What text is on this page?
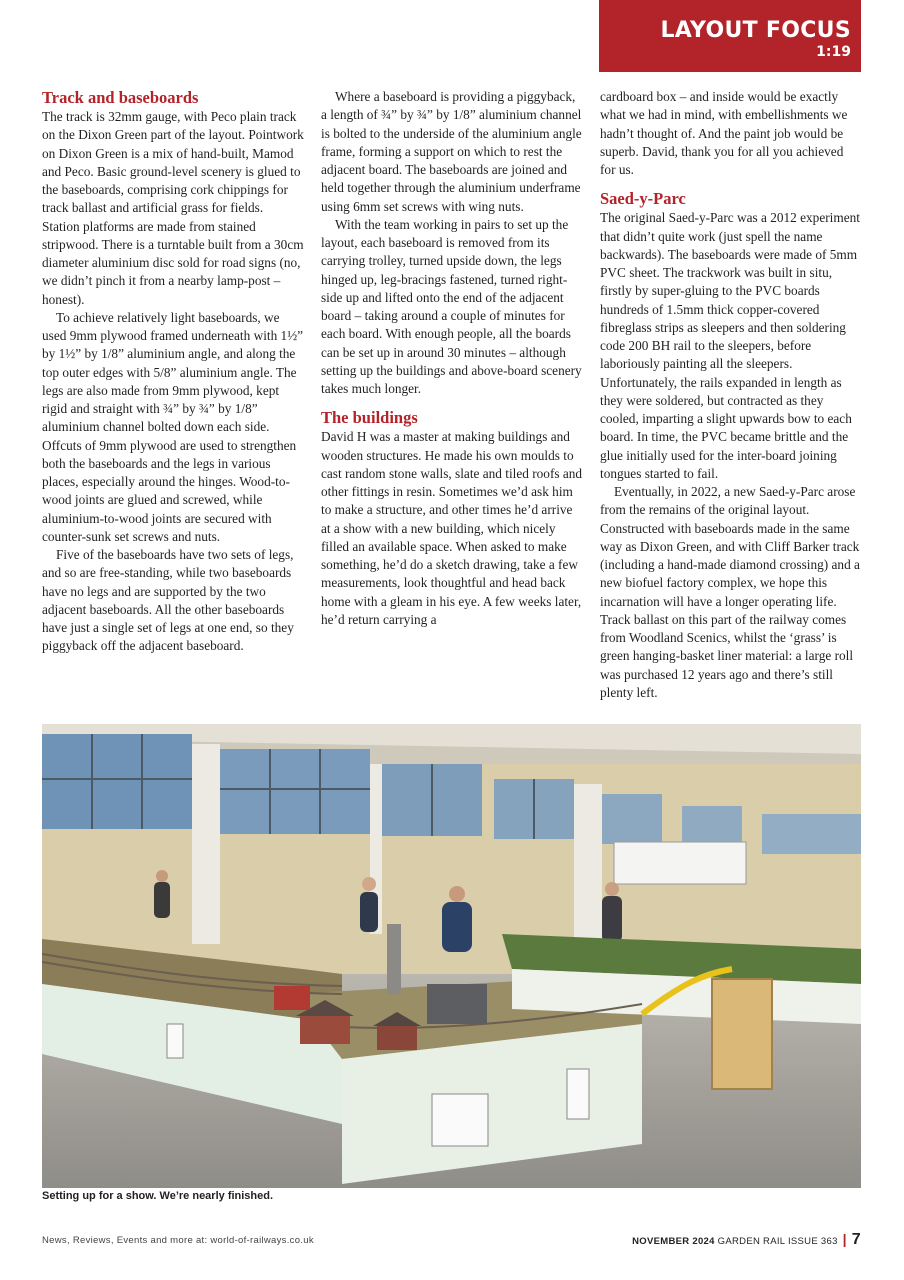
LAYOUT FOCUS
1:19
Track and baseboards

The track is 32mm gauge, with Peco plain track on the Dixon Green part of the layout. Pointwork on Dixon Green is a mix of hand-built, Mamod and Peco. Basic ground-level scenery is glued to the baseboards, comprising cork chippings for track ballast and artificial grass for fields. Station platforms are made from stained stripwood. There is a turntable built from a 30cm diameter aluminium disc sold for road signs (no, we didn’t pinch it from a nearby lamp-post – honest).

To achieve relatively light baseboards, we used 9mm plywood framed underneath with 1½” by 1½” by 1/8” aluminium angle, and along the top outer edges with 5/8” aluminium angle. The legs are also made from 9mm plywood, kept rigid and straight with ¾” by ¾” by 1/8” aluminium channel bolted down each side. Offcuts of 9mm plywood are used to strengthen both the baseboards and the legs in various places, especially around the hinges. Wood-to-wood joints are glued and screwed, while aluminium-to-wood joints are secured with counter-sunk set screws and nuts.

Five of the baseboards have two sets of legs, and so are free-standing, while two baseboards have no legs and are supported by the two adjacent baseboards. All the other baseboards have just a single set of legs at one end, so they piggyback off the adjacent baseboard.

Where a baseboard is providing a piggyback, a length of ¾” by ¾” by 1/8” aluminium channel is bolted to the underside of the aluminium angle frame, forming a support on which to rest the adjacent board. The baseboards are joined and held together through the aluminium underframe using 6mm set screws with wing nuts.

With the team working in pairs to set up the layout, each baseboard is removed from its carrying trolley, turned upside down, the legs hinged up, leg-bracings fastened, turned right-side up and lifted onto the end of the adjacent board – taking around a couple of minutes for each board. With enough people, all the boards can be set up in around 30 minutes – although setting up the buildings and above-board scenery takes much longer.

The buildings

David H was a master at making buildings and wooden structures. He made his own moulds to cast random stone walls, slate and tiled roofs and other fittings in resin. Sometimes we’d ask him to make a structure, and other times he’d arrive at a show with a new building, which nicely filled an available space. When asked to make something, he’d do a sketch drawing, take a few measurements, look thoughtful and head back home with a gleam in his eye. A few weeks later, he’d return carrying a

cardboard box – and inside would be exactly what we had in mind, with embellishments we hadn’t thought of. And the paint job would be superb. David, thank you for all you achieved for us.

Saed-y-Parc

The original Saed-y-Parc was a 2012 experiment that didn’t quite work (just spell the name backwards). The baseboards were made of 5mm PVC sheet. The trackwork was built in situ, firstly by super-gluing to the PVC boards hundreds of 1.5mm thick copper-covered fibreglass strips as sleepers and then soldering code 200 BH rail to the sleepers, before laboriously painting all the sleepers. Unfortunately, the rails expanded in length as they were soldered, but contracted as they cooled, imparting a slight upwards bow to each board. In time, the PVC became brittle and the glue initially used for the inter-board joining tongues started to fail.

Eventually, in 2022, a new Saed-y-Parc arose from the remains of the original layout. Constructed with baseboards made in the same way as Dixon Green, and with Cliff Barker track (including a hand-made diamond crossing) and a new biofuel factory complex, we hope this incarnation will have a longer operating life. Track ballast on this part of the railway comes from Woodland Scenics, whilst the ‘grass’ is green hanging-basket liner material: a large roll was purchased 12 years ago and there’s still plenty left.

Setting up for a show. We’re nearly finished.
News, Reviews, Events and more at: world-of-railways.co.uk	NOVEMBER 2024 GARDEN RAIL ISSUE 363 | 7
